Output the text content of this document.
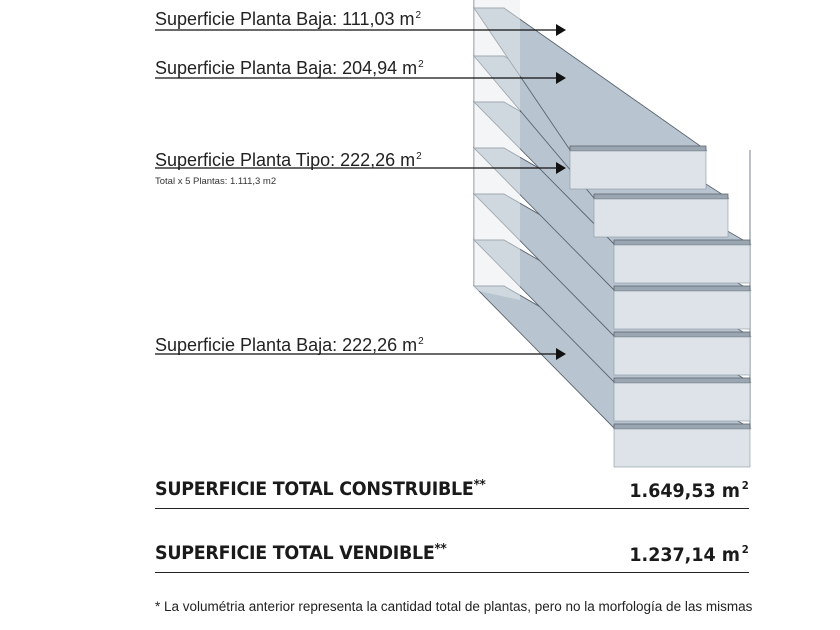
Superficie Planta Baja: 111,03 $m^2$
Superficie Planta Baja: 204,94 $m^2$
Superficie Planta Tipo: 222,26 $m^2$
Total x 5 Plantas: 1.111,3 m2
Superficie Planta Baja: 222,26 $m^2$
SUPERFICIE TOTAL CONSTRUIBLE**	1.649,53 m $^2$
SUPERFICIE TOTAL VENDIBLE**	1.237,14 m $^2$
* La volumétria anterior representa la cantidad total de plantas, pero no la morfología de las mismas
